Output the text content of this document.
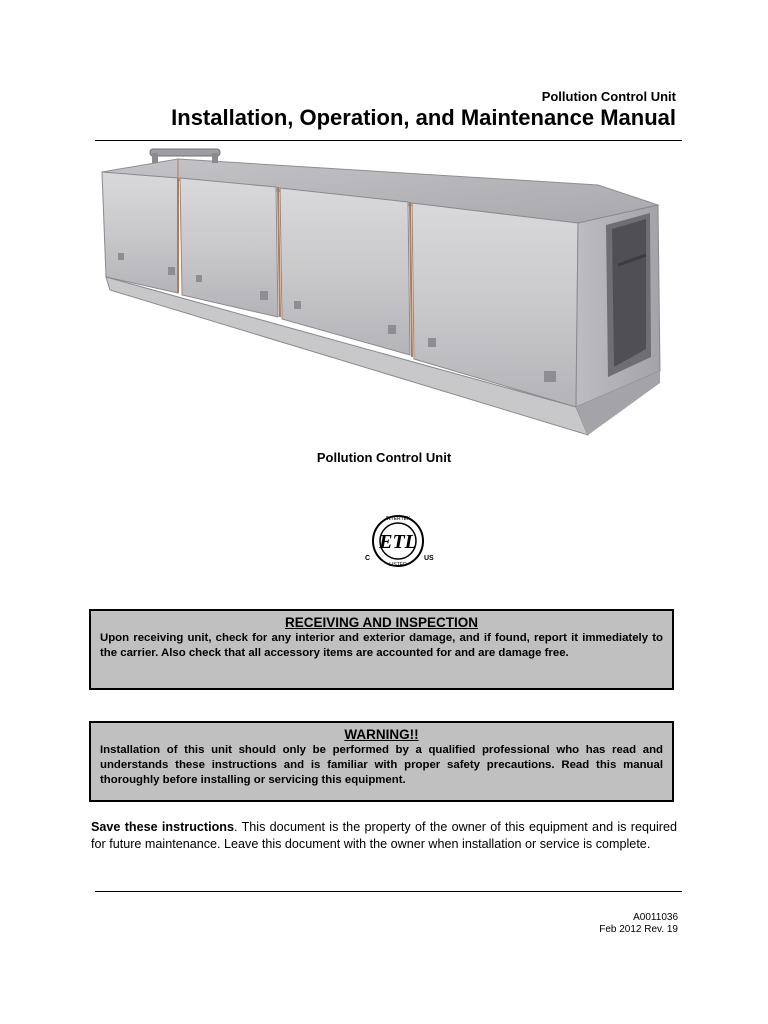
Pollution Control Unit
Installation, Operation, and Maintenance Manual
Pollution Control Unit
ETL
INTERTEK
LISTED
C	US
RECEIVING AND INSPECTION
Upon receiving unit, check for any interior and exterior damage, and if found, report it immediately to the carrier. Also check that all accessory items are accounted for and are damage free.
WARNING!!
Installation of this unit should only be performed by a qualified professional who has read and understands these instructions and is familiar with proper safety precautions. Read this manual thoroughly before installing or servicing this equipment.
Save these instructions. This document is the property of the owner of this equipment and is required for future maintenance. Leave this document with the owner when installation or service is complete.
A0011036
Feb 2012 Rev. 19
